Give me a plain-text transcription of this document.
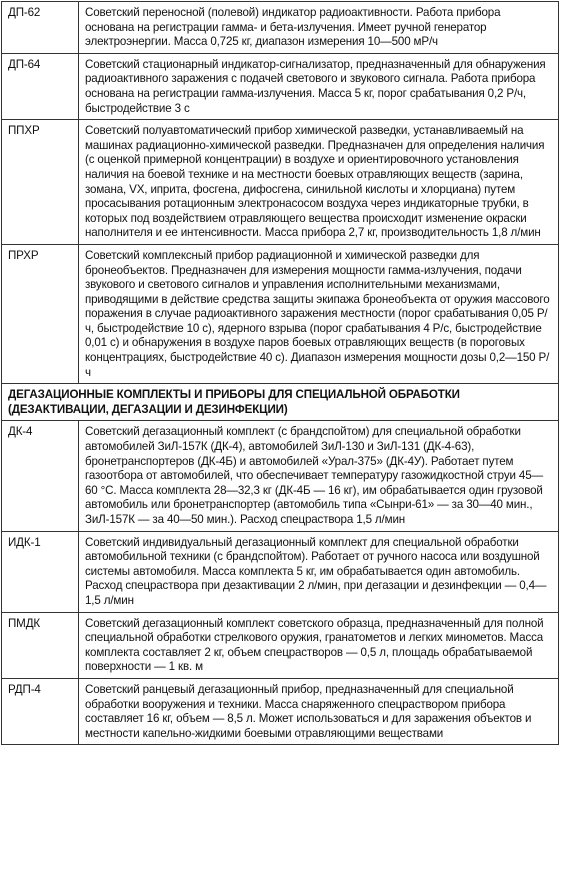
ДП-62	Советский переносной (полевой) индикатор радиоактивности. Работа прибора основана на регистрации гамма- и бета-излучения. Имеет ручной генератор электроэнергии. Масса 0,725 кг, диапазон измерения 10—500 мР/ч
ДП-64	Советский стационарный индикатор-сигнализатор, предназначенный для обнаружения радиоактивного заражения с подачей светового и звукового сигнала. Работа прибора основана на регистрации гамма-излучения. Масса 5 кг, порог срабатывания 0,2 Р/ч, быстродействие 3 с
ППХР	Советский полуавтоматический прибор химической разведки, устанавливаемый на машинах радиационно-химической разведки. Предназначен для определения наличия (с оценкой примерной концентрации) в воздухе и ориентировочного установления наличия на боевой технике и на местности боевых отравляющих веществ (зарина, зомана, VX, иприта, фосгена, дифосгена, синильной кислоты и хлорциана) путем просасывания ротационным электронасосом воздуха через индикаторные трубки, в которых под воздействием отравляющего вещества происходит изменение окраски наполнителя и ее интенсивности. Масса прибора 2,7 кг, производительность 1,8 л/мин
ПРХР	Советский комплексный прибор радиационной и химической разведки для бронеобъектов. Предназначен для измерения мощности гамма-излучения, подачи звукового и светового сигналов и управления исполнительными механизмами, приводящими в действие средства защиты экипажа бронеобъекта от оружия массового поражения в случае радиоактивного заражения местности (порог срабатывания 0,05 Р/ч, быстродействие 10 с), ядерного взрыва (порог срабатывания 4 Р/с, быстродействие 0,01 с) и обнаружения в воздухе паров боевых отравляющих веществ (в пороговых концентрациях, быстродействие 40 с). Диапазон измерения мощности дозы 0,2—150 Р/ч
ДЕГАЗАЦИОННЫЕ КОМПЛЕКТЫ И ПРИБОРЫ ДЛЯ СПЕЦИАЛЬНОЙ ОБРАБОТКИ (ДЕЗАКТИВАЦИИ, ДЕГАЗАЦИИ И ДЕЗИНФЕКЦИИ)	
ДК-4	Советский дегазационный комплект (с брандспойтом) для специальной обработки автомобилей ЗиЛ-157К (ДК-4), автомобилей ЗиЛ-130 и ЗиЛ-131 (ДК-4-63), бронетранспортеров (ДК-4Б) и автомобилей «Урал-375» (ДК-4У). Работает путем газоотбора от автомобилей, что обеспечивает температуру газожидкостной струи 45—60 °С. Масса комплекта 28—32,3 кг (ДК-4Б — 16 кг), им обрабатывается один грузовой автомобиль или бронетранспортер (автомобиль типа «Сынри-61» — за 30—40 мин., ЗиЛ-157К — за 40—50 мин.). Расход спецраствора 1,5 л/мин
ИДК-1	Советский индивидуальный дегазационный комплект для специальной обработки автомобильной техники (с брандспойтом). Работает от ручного насоса или воздушной системы автомобиля. Масса комплекта 5 кг, им обрабатывается один автомобиль. Расход спецраствора при дезактивации 2 л/мин, при дегазации и дезинфекции — 0,4—1,5 л/мин
ПМДК	Советский дегазационный комплект советского образца, предназначенный для полной специальной обработки стрелкового оружия, гранатометов и легких минометов. Масса комплекта составляет 2 кг, объем спецрастворов — 0,5 л, площадь обрабатываемой поверхности — 1 кв. м
РДП-4	Советский ранцевый дегазационный прибор, предназначенный для специальной обработки вооружения и техники. Масса снаряженного спецраствором прибора составляет 16 кг, объем — 8,5 л. Может использоваться и для заражения объектов и местности капельно-жидкими боевыми отравляющими веществами
